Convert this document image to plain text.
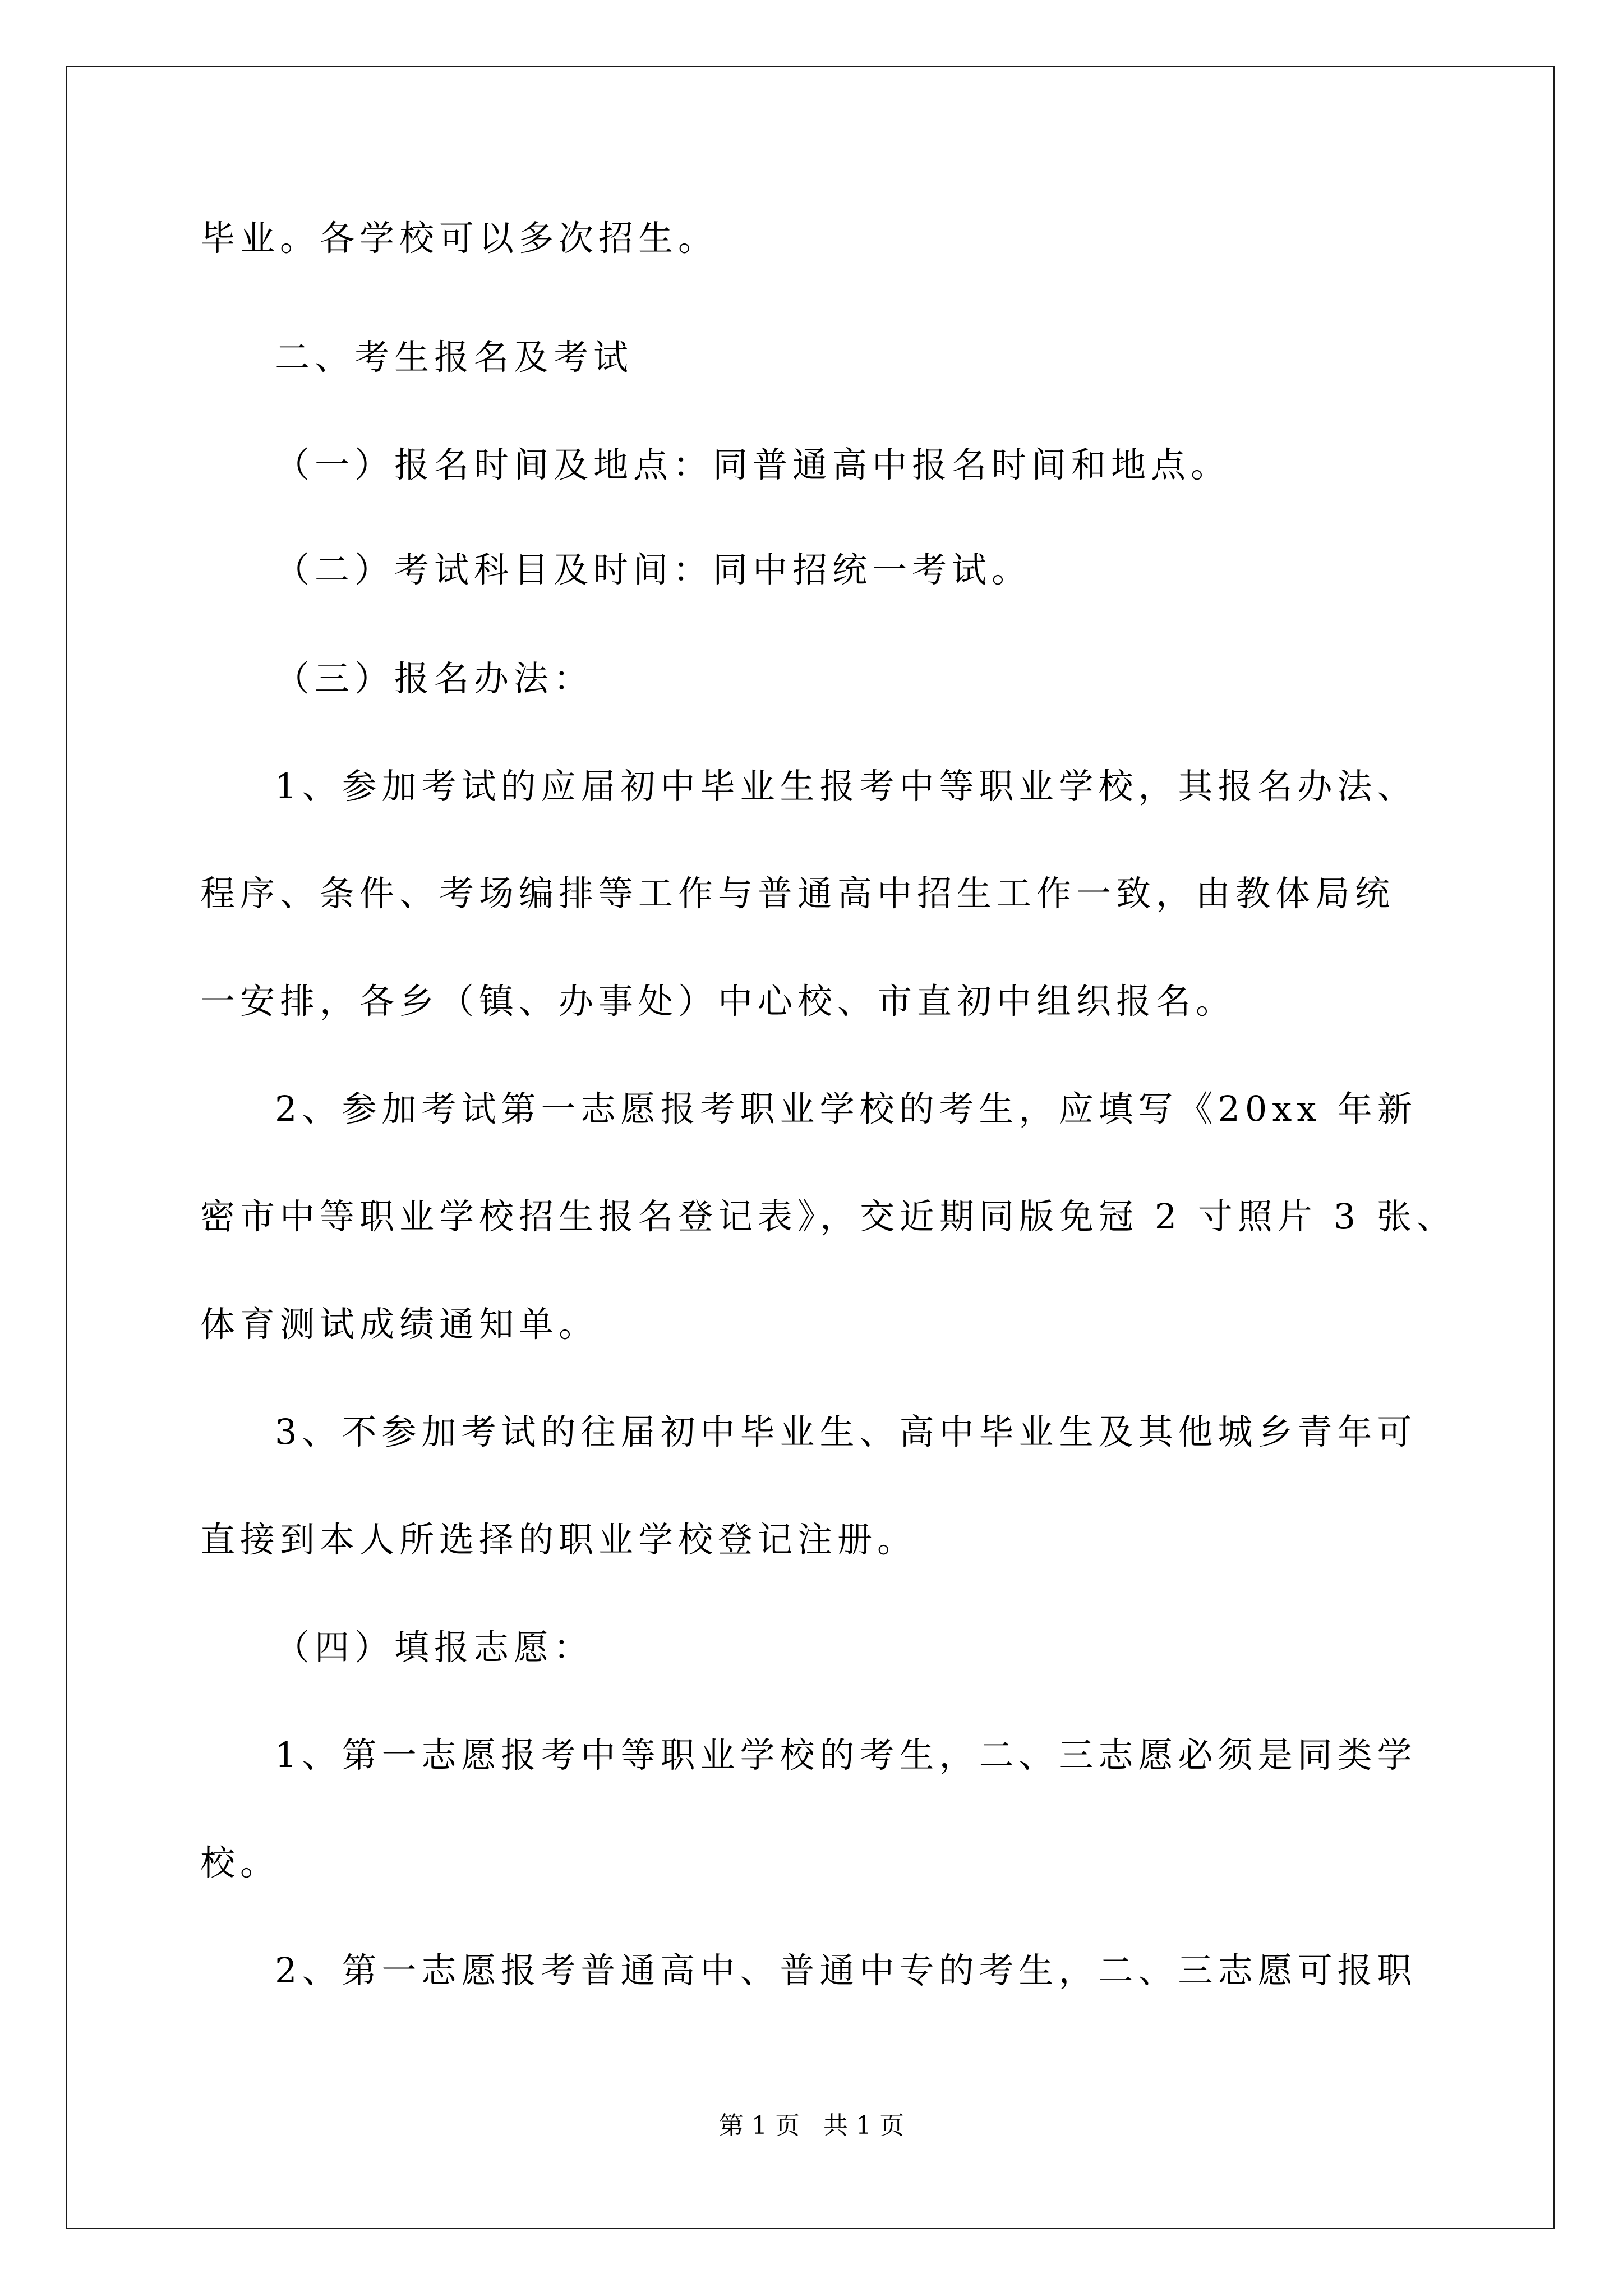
毕业。各学校可以多次招生。
二、考生报名及考试
（一）报名时间及地点：同普通高中报名时间和地点。
（二）考试科目及时间：同中招统一考试。
（三）报名办法：
1、参加考试的应届初中毕业生报考中等职业学校，其报名办法、
程序、条件、考场编排等工作与普通高中招生工作一致，由教体局统
一安排，各乡（镇、办事处）中心校、市直初中组织报名。
2、参加考试第一志愿报考职业学校的考生，应填写《20xx 年新
密市中等职业学校招生报名登记表》，交近期同版免冠 2 寸照片 3 张、
体育测试成绩通知单。
3、不参加考试的往届初中毕业生、高中毕业生及其他城乡青年可
直接到本人所选择的职业学校登记注册。
（四）填报志愿：
1、第一志愿报考中等职业学校的考生，二、三志愿必须是同类学
校。
2、第一志愿报考普通高中、普通中专的考生，二、三志愿可报职
第 1 页   共 1 页
